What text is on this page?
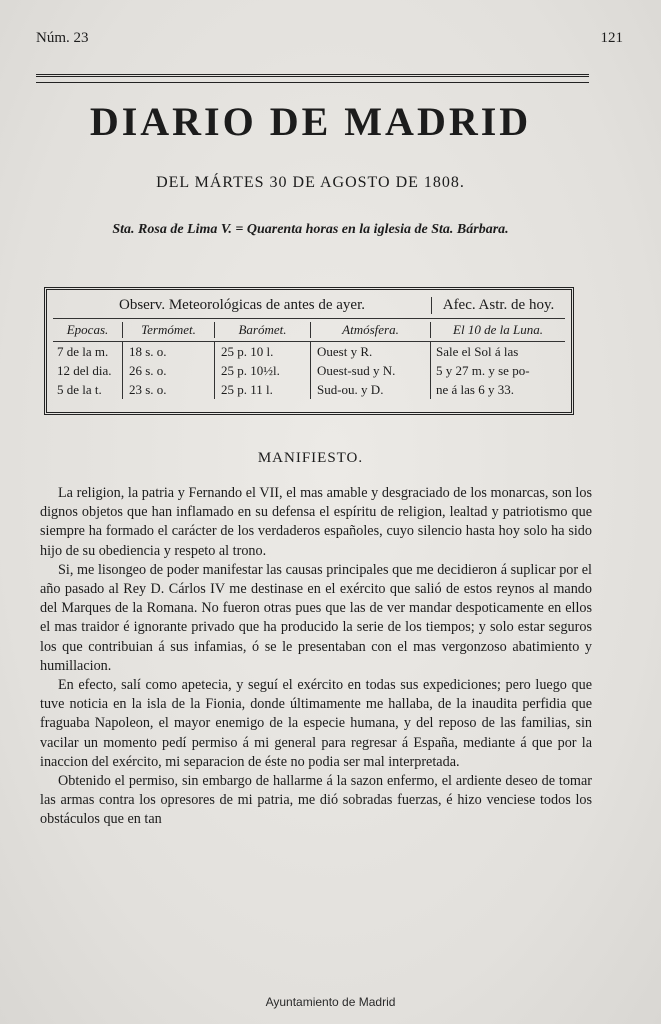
Núm. 23	121
DIARIO DE MADRID
DEL MÁRTES 30 DE AGOSTO DE 1808.
Sta. Rosa de Lima V. = Quarenta horas en la iglesia de Sta. Bárbara.
Observ. Meteorológicas de antes de ayer.	Afec. Astr. de hoy.
Epocas.	Termómet.	Barómet.	Atmósfera.	El 10 de la Luna.
7 de la m.	18 s. o.	25 p. 10 l.	Ouest y R.	Sale el Sol á las
12 del dia.	26 s. o.	25 p. 10½l.	Ouest-sud y N.	5 y 27 m. y se po-
5 de la t.	23 s. o.	25 p. 11 l.	Sud-ou. y D.	ne á las 6 y 33.
MANIFIESTO.

La religion, la patria y Fernando el VII, el mas amable y desgraciado de los monarcas, son los dignos objetos que han inflamado en su defensa el espíritu de religion, lealtad y patriotismo que siempre ha formado el carácter de los verdaderos españoles, cuyo silencio hasta hoy solo ha sido hijo de su obediencia y respeto al trono.

Si, me lisongeo de poder manifestar las causas principales que me decidieron á suplicar por el año pasado al Rey D. Cárlos IV me destinase en el exército que salió de estos reynos al mando del Marques de la Romana. No fueron otras pues que las de ver mandar despoticamente en ellos el mas traidor é ignorante privado que ha producido la serie de los tiempos; y solo estar seguros los que contribuian á sus infamias, ó se le presentaban con el mas vergonzoso abatimiento y humillacion.

En efecto, salí como apetecia, y seguí el exército en todas sus expediciones; pero luego que tuve noticia en la isla de la Fionia, donde últimamente me hallaba, de la inaudita perfidia que fraguaba Napoleon, el mayor enemigo de la especie humana, y del reposo de las familias, sin vacilar un momento pedí permiso á mi general para regresar á España, mediante á que por la inaccion del exército, mi separacion de éste no podia ser mal interpretada.

Obtenido el permiso, sin embargo de hallarme á la sazon enfermo, el ardiente deseo de tomar las armas contra los opresores de mi patria, me dió sobradas fuerzas, é hizo venciese todos los obstáculos que en tan

Ayuntamiento de Madrid
